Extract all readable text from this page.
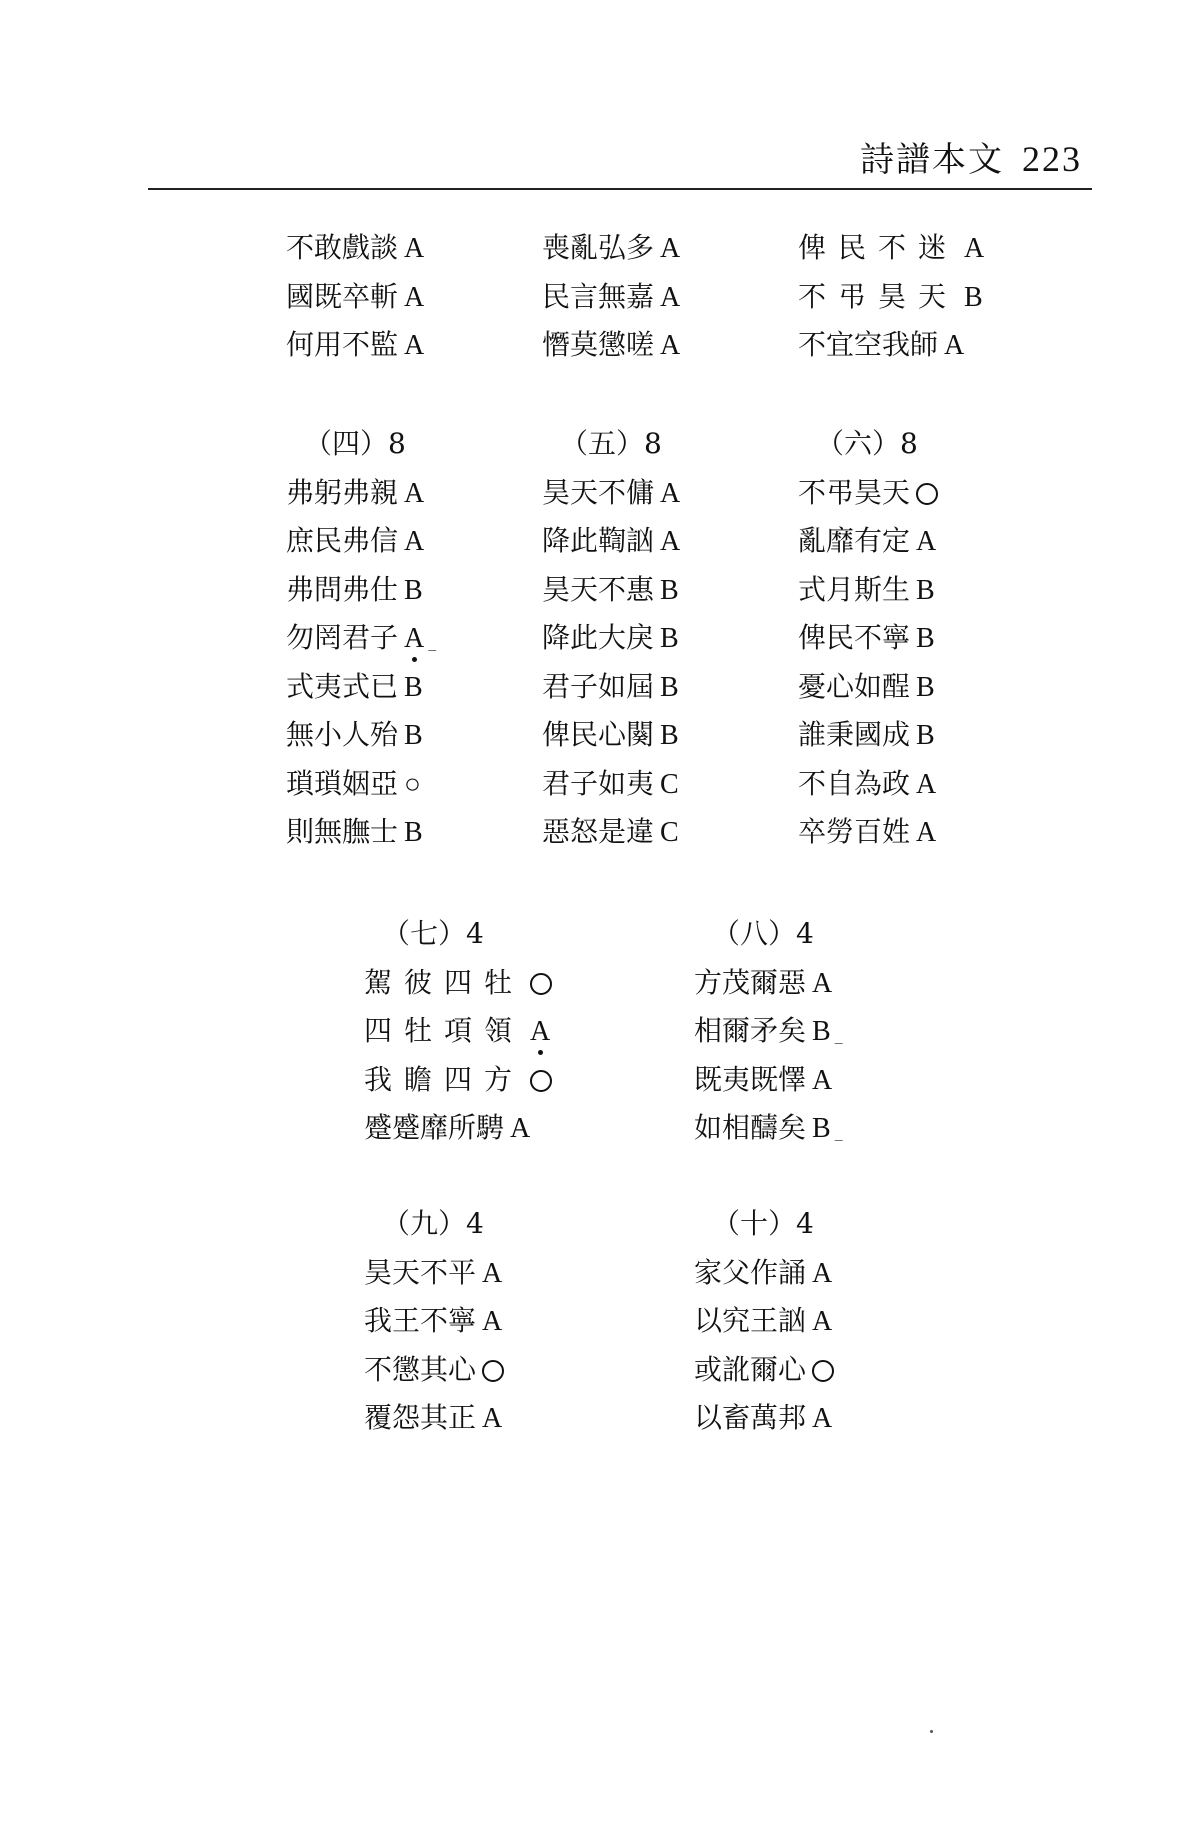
詩譜本文 223
不敢戲談 A
國既卒斬 A
何用不監 A
喪亂弘多 A
民言無嘉 A
憯莫懲嗟 A
俾民不迷 A
不弔昊天 B
不宜空我師 A
（四）8
弗躬弗親 A
庶民弗信 A
弗問弗仕 B
勿罔君子 A _
式夷式已 B
無小人殆 B
瑣瑣姻亞 ○
則無膴士 B
（五）8
昊天不傭 A
降此鞫訩 A
昊天不惠 B
降此大戾 B
君子如屆 B
俾民心闋 B
君子如夷 C
惡怒是違 C
（六）8
不弔昊天
亂靡有定 A
式月斯生 B
俾民不寧 B
憂心如酲 B
誰秉國成 B
不自為政 A
卒勞百姓 A
（七）4
駕彼四牡
四牡項領 A
我瞻四方
蹙蹙靡所騁 A
（八）4
方茂爾惡 A
相爾矛矣 B _
既夷既懌 A
如相醻矣 B _
（九）4
昊天不平 A
我王不寧 A
不懲其心
覆怨其正 A
（十）4
家父作誦 A
以究王訩 A
或訛爾心
以畜萬邦 A
